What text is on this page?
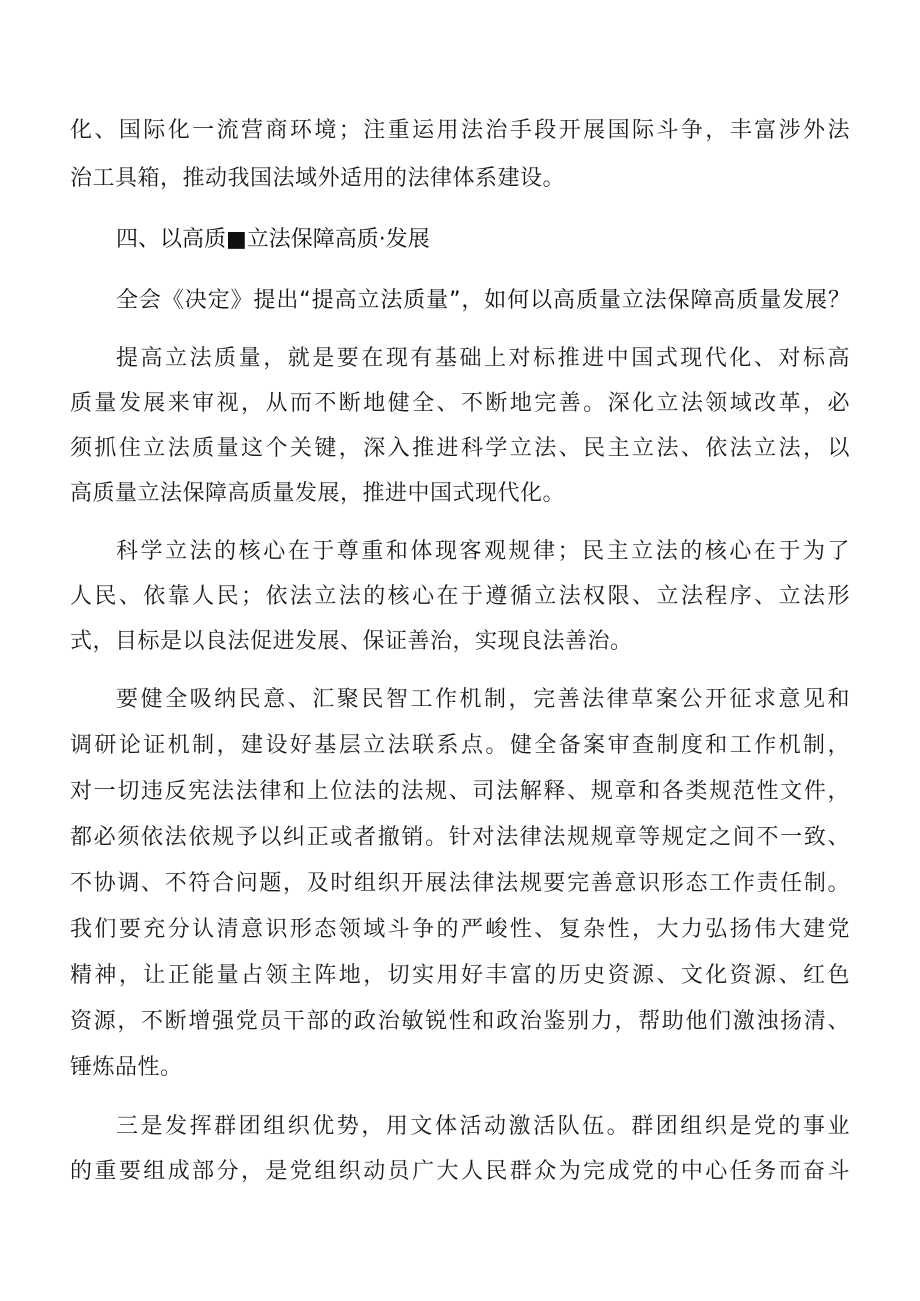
化、国际化一流营商环境；注重运用法治手段开展国际斗争，丰富涉外法
治工具箱，推动我国法域外适用的法律体系建设。
四、以高质■立法保障高质·发展
全会《决定》提出“提高立法质量”，如何以高质量立法保障高质量发展？
提高立法质量，就是要在现有基础上对标推进中国式现代化、对标高
质量发展来审视，从而不断地健全、不断地完善。深化立法领域改革，必
须抓住立法质量这个关键，深入推进科学立法、民主立法、依法立法，以
高质量立法保障高质量发展，推进中国式现代化。
科学立法的核心在于尊重和体现客观规律；民主立法的核心在于为了
人民、依靠人民；依法立法的核心在于遵循立法权限、立法程序、立法形
式，目标是以良法促进发展、保证善治，实现良法善治。
要健全吸纳民意、汇聚民智工作机制，完善法律草案公开征求意见和
调研论证机制，建设好基层立法联系点。健全备案审查制度和工作机制，
对一切违反宪法法律和上位法的法规、司法解释、规章和各类规范性文件，
都必须依法依规予以纠正或者撤销。针对法律法规规章等规定之间不一致、
不协调、不符合问题，及时组织开展法律法规要完善意识形态工作责任制。
我们要充分认清意识形态领域斗争的严峻性、复杂性，大力弘扬伟大建党
精神，让正能量占领主阵地，切实用好丰富的历史资源、文化资源、红色
资源，不断增强党员干部的政治敏锐性和政治鉴别力，帮助他们激浊扬清、
锤炼品性。
三是发挥群团组织优势，用文体活动激活队伍。群团组织是党的事业
的重要组成部分，是党组织动员广大人民群众为完成党的中心任务而奋斗
